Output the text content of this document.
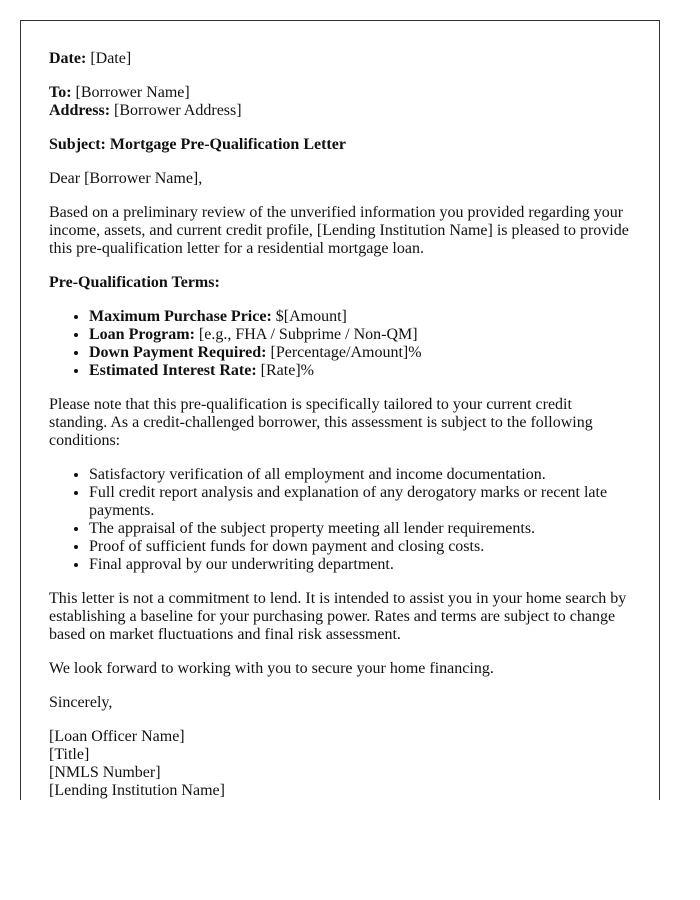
Date: [Date]

To: [Borrower Name]
Address: [Borrower Address]

Subject: Mortgage Pre-Qualification Letter

Dear [Borrower Name],

Based on a preliminary review of the unverified information you provided regarding your income, assets, and current credit profile, [Lending Institution Name] is pleased to provide this pre-qualification letter for a residential mortgage loan.

Pre-Qualification Terms:

• Maximum Purchase Price: $[Amount]
• Loan Program: [e.g., FHA / Subprime / Non-QM]
• Down Payment Required: [Percentage/Amount]%
• Estimated Interest Rate: [Rate]%

Please note that this pre-qualification is specifically tailored to your current credit standing. As a credit-challenged borrower, this assessment is subject to the following conditions:

• Satisfactory verification of all employment and income documentation.
• Full credit report analysis and explanation of any derogatory marks or recent late payments.
• The appraisal of the subject property meeting all lender requirements.
• Proof of sufficient funds for down payment and closing costs.
• Final approval by our underwriting department.

This letter is not a commitment to lend. It is intended to assist you in your home search by establishing a baseline for your purchasing power. Rates and terms are subject to change based on market fluctuations and final risk assessment.

We look forward to working with you to secure your home financing.

Sincerely,

[Loan Officer Name]
[Title]
[NMLS Number]
[Lending Institution Name]
